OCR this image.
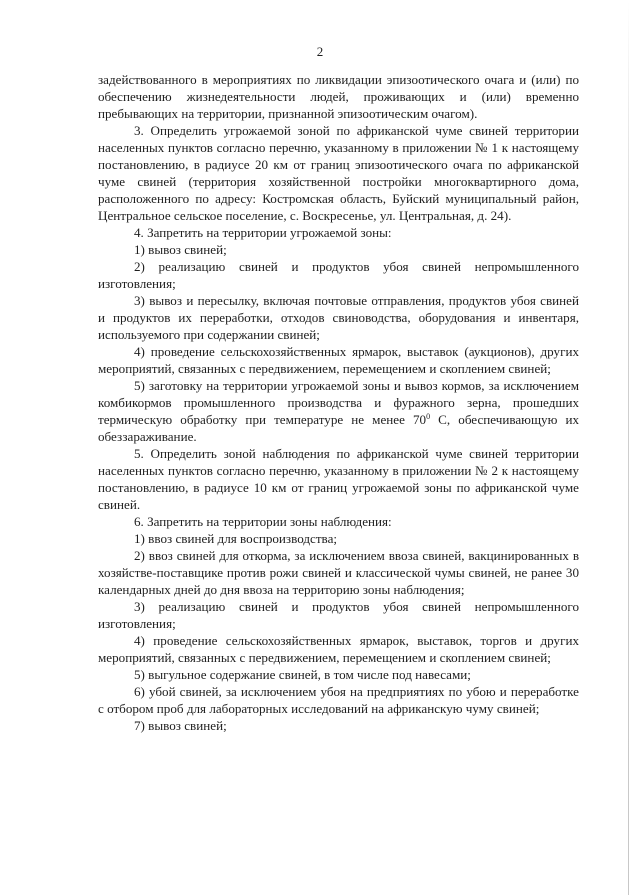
2

задействованного в мероприятиях по ликвидации эпизоотического очага и (или) по обеспечению жизнедеятельности людей, проживающих и (или) временно пребывающих на территории, признанной эпизоотическим очагом).

3. Определить угрожаемой зоной по африканской чуме свиней территории населенных пунктов согласно перечню, указанному в приложении № 1 к настоящему постановлению, в радиусе 20 км от границ эпизоотического очага по африканской чуме свиней (территория хозяйственной постройки многоквартирного дома, расположенного по адресу: Костромская область, Буйский муниципальный район, Центральное сельское поселение, с. Воскресенье, ул. Центральная, д. 24).

4. Запретить на территории угрожаемой зоны:

1) вывоз свиней;

2) реализацию свиней и продуктов убоя свиней непромышленного изготовления;

3) вывоз и пересылку, включая почтовые отправления, продуктов убоя свиней и продуктов их переработки, отходов свиноводства, оборудования и инвентаря, используемого при содержании свиней;

4) проведение сельскохозяйственных ярмарок, выставок (аукционов), других мероприятий, связанных с передвижением, перемещением и скоплением свиней;

5) заготовку на территории угрожаемой зоны и вывоз кормов, за исключением комбикормов промышленного производства и фуражного зерна, прошедших термическую обработку при температуре не менее $70^0$ С, обеспечивающую их обеззараживание.

5. Определить зоной наблюдения по африканской чуме свиней территории населенных пунктов согласно перечню, указанному в приложении № 2 к настоящему постановлению, в радиусе 10 км от границ угрожаемой зоны по африканской чуме свиней.

6. Запретить на территории зоны наблюдения:

1) ввоз свиней для воспроизводства;

2) ввоз свиней для откорма, за исключением ввоза свиней, вакцинированных в хозяйстве-поставщике против рожи свиней и классической чумы свиней, не ранее 30 календарных дней до дня ввоза на территорию зоны наблюдения;

3) реализацию свиней и продуктов убоя свиней непромышленного изготовления;

4) проведение сельскохозяйственных ярмарок, выставок, торгов и других мероприятий, связанных с передвижением, перемещением и скоплением свиней;

5) выгульное содержание свиней, в том числе под навесами;

6) убой свиней, за исключением убоя на предприятиях по убою и переработке с отбором проб для лабораторных исследований на африканскую чуму свиней;

7) вывоз свиней;
